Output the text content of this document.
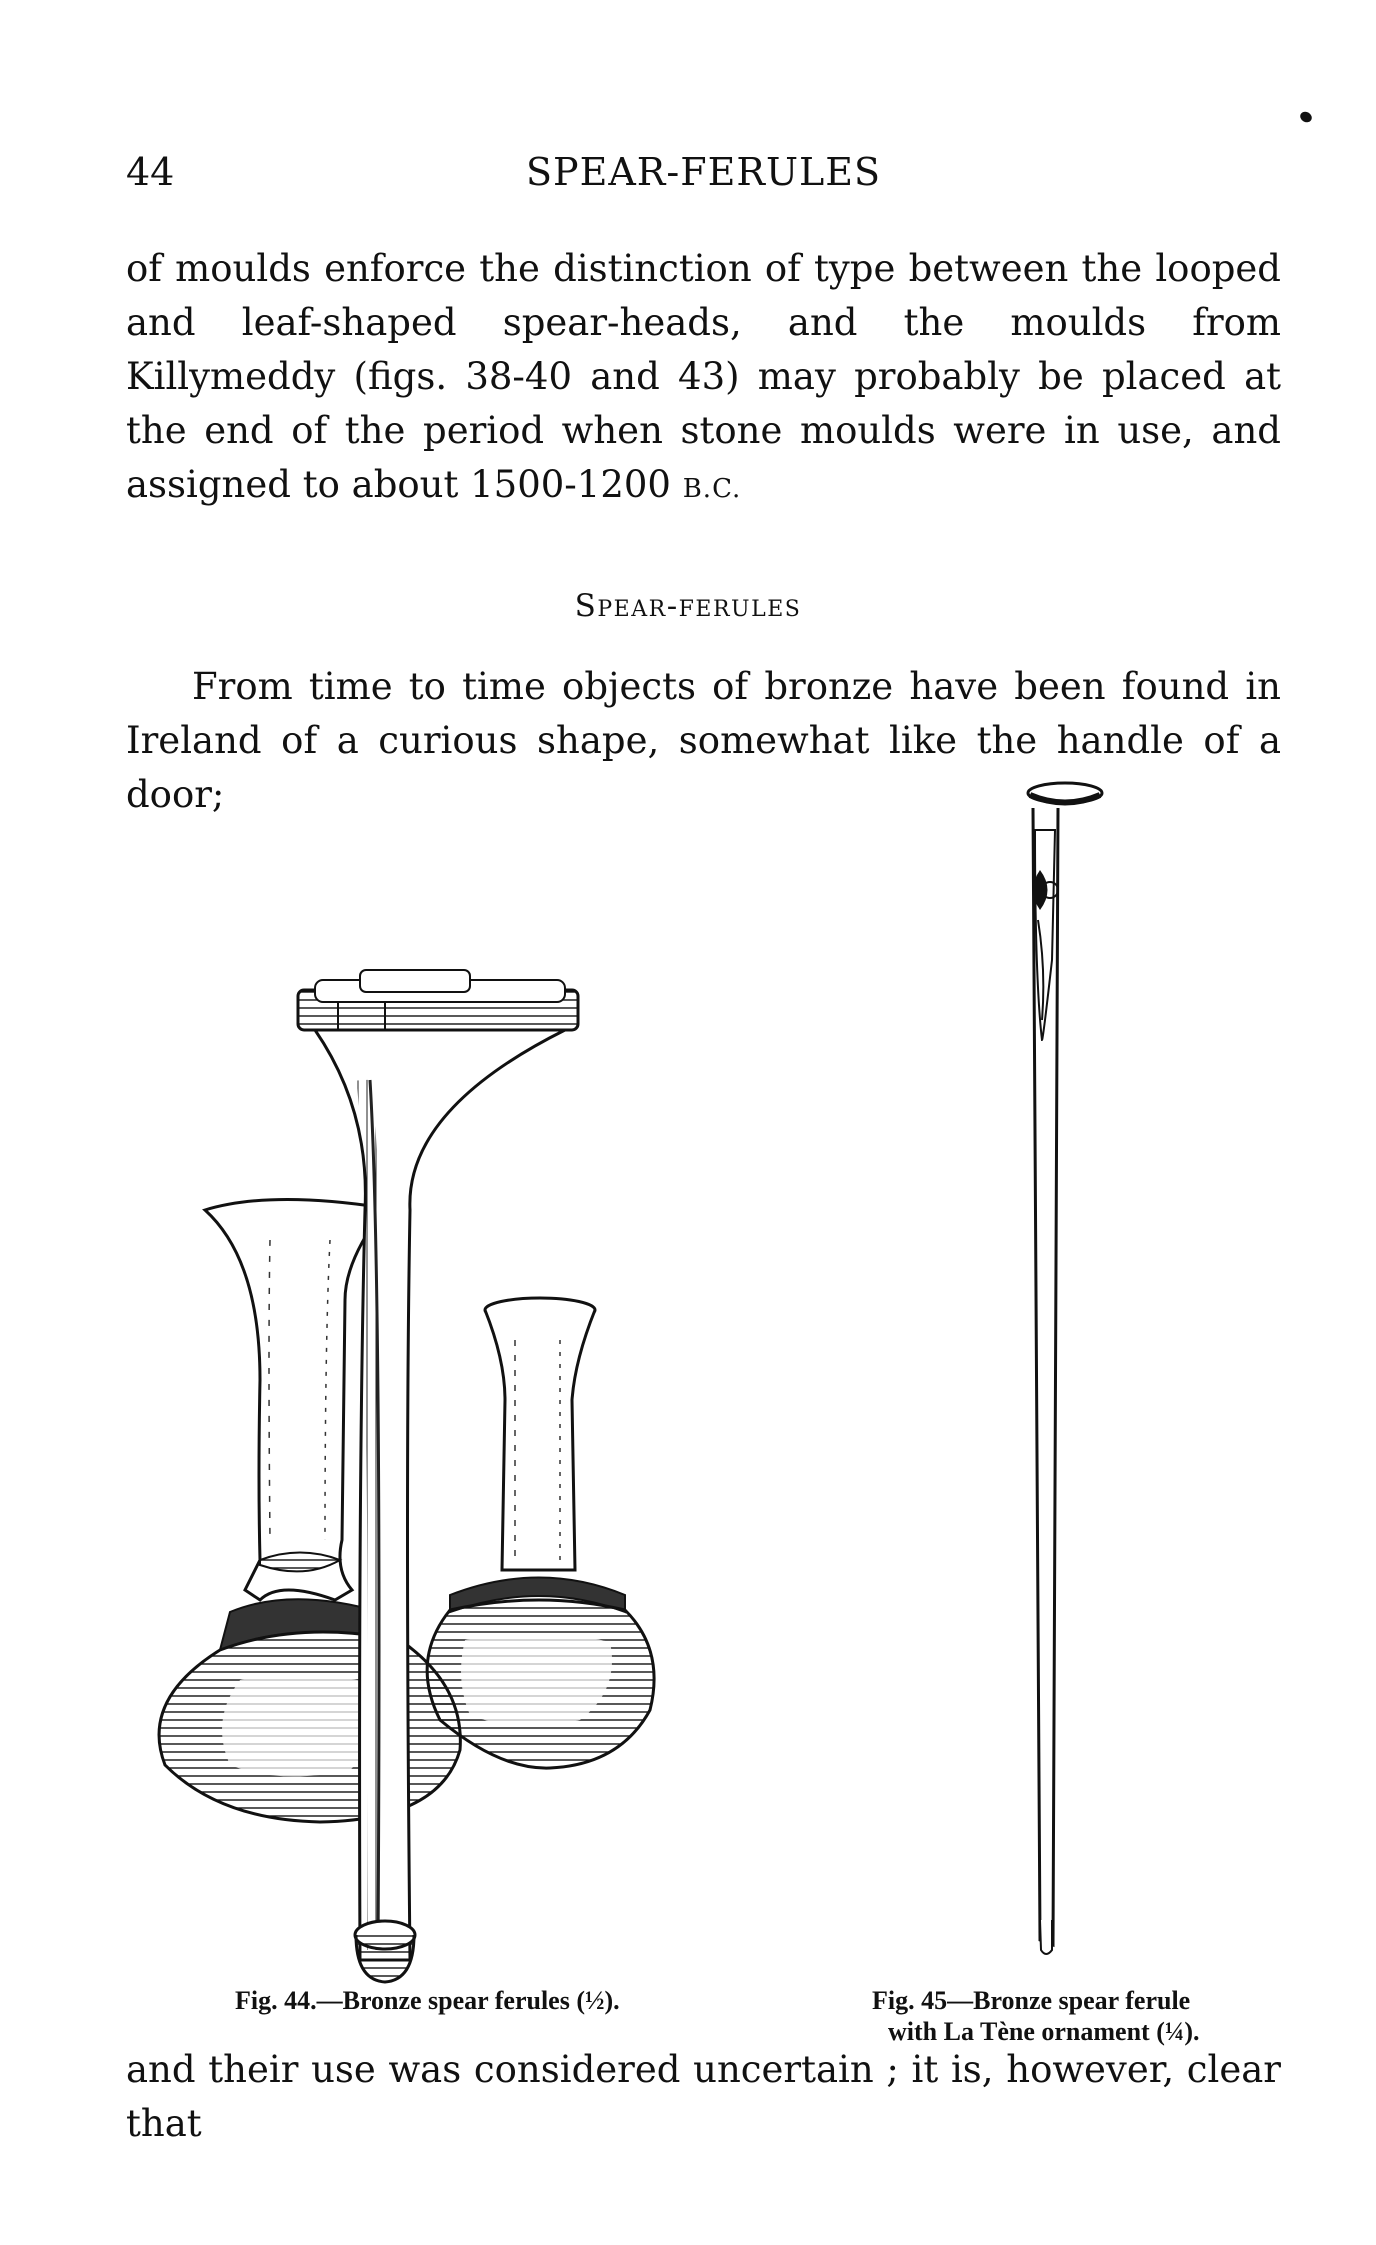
44	SPEAR-FERULES
of moulds enforce the distinction of type between the looped and leaf-shaped spear-heads, and the moulds from Killymeddy (figs. 38-40 and 43) may probably be placed at the end of the period when stone moulds were in use, and assigned to about 1500-1200 B.C.
Spear-ferules
From time to time objects of bronze have been found in Ireland of a curious shape, somewhat like the handle of a door;
Fig. 44.—Bronze spear ferules (½).	Fig. 45—Bronze spear ferule
with La Tène ornament (¼).
and their use was considered uncertain ; it is, however, clear that
